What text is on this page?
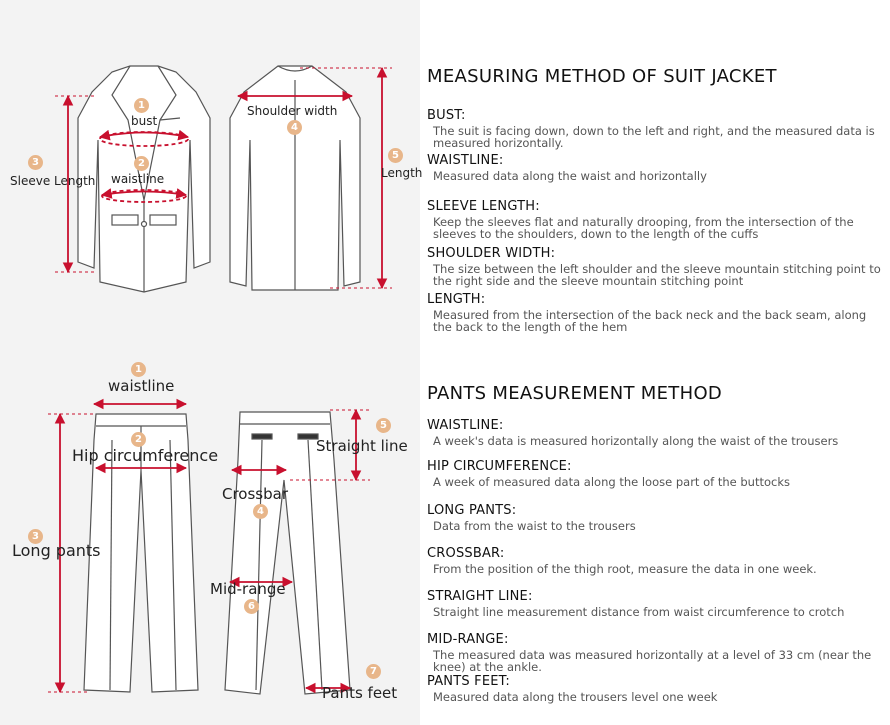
1
bust
2
waistline
3
Sleeve Length
4
Shoulder width
5
Length
1
waistline
2
Hip circumference
3
Long pants
4
Crossbar
5
Straight line
6
Mid-range
7
Pants feet
MEASURING METHOD OF SUIT JACKET
BUST:
The suit is facing down, down to the left and right, and the measured data is measured horizontally.
WAISTLINE:
Measured data along the waist and horizontally
SLEEVE LENGTH:
Keep the sleeves flat and naturally drooping, from the intersection of the sleeves to the shoulders, down to the length of the cuffs
SHOULDER WIDTH:
The size between the left shoulder and the sleeve mountain stitching point to the right side and the sleeve mountain stitching point
LENGTH:
Measured from the intersection of the back neck and the back seam, along the back to the length of the hem
PANTS MEASUREMENT METHOD
WAISTLINE:
A week's data is measured horizontally along the waist of the trousers
HIP CIRCUMFERENCE:
A week of measured data along the loose part of the buttocks
LONG PANTS:
Data from the waist to the trousers
CROSSBAR:
From the position of the thigh root, measure the data in one week.
STRAIGHT LINE:
Straight line measurement distance from waist circumference to crotch
MID-RANGE:
The measured data was measured horizontally at a level of 33 cm (near the knee) at the ankle.
PANTS FEET:
Measured data along the trousers level one week
